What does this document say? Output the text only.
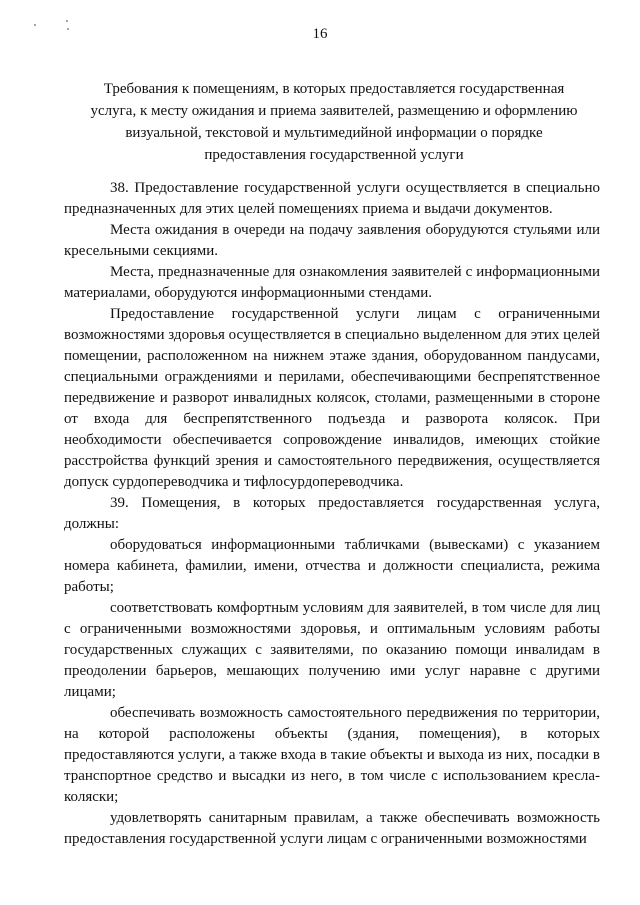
16
Требования к помещениям, в которых предоставляется государственная услуга, к месту ожидания и приема заявителей, размещению и оформлению визуальной, текстовой и мультимедийной информации о порядке предоставления государственной услуги

38. Предоставление государственной услуги осуществляется в специально предназначенных для этих целей помещениях приема и выдачи документов.

Места ожидания в очереди на подачу заявления оборудуются стульями или кресельными секциями.

Места, предназначенные для ознакомления заявителей с информационными материалами, оборудуются информационными стендами.

Предоставление государственной услуги лицам с ограниченными возможностями здоровья осуществляется в специально выделенном для этих целей помещении, расположенном на нижнем этаже здания, оборудованном пандусами, специальными ограждениями и перилами, обеспечивающими беспрепятственное передвижение и разворот инвалидных колясок, столами, размещенными в стороне от входа для беспрепятственного подъезда и разворота колясок. При необходимости обеспечивается сопровождение инвалидов, имеющих стойкие расстройства функций зрения и самостоятельного передвижения, осуществляется допуск сурдопереводчика и тифлосурдопереводчика.

39. Помещения, в которых предоставляется государственная услуга, должны:

оборудоваться информационными табличками (вывесками) с указанием номера кабинета, фамилии, имени, отчества и должности специалиста, режима работы;

соответствовать комфортным условиям для заявителей, в том числе для лиц с ограниченными возможностями здоровья, и оптимальным условиям работы государственных служащих с заявителями, по оказанию помощи инвалидам в преодолении барьеров, мешающих получению ими услуг наравне с другими лицами;

обеспечивать возможность самостоятельного передвижения по территории, на которой расположены объекты (здания, помещения), в которых предоставляются услуги, а также входа в такие объекты и выхода из них, посадки в транспортное средство и высадки из него, в том числе с использованием кресла-коляски;

удовлетворять санитарным правилам, а также обеспечивать возможность предоставления государственной услуги лицам с ограниченными возможностями
